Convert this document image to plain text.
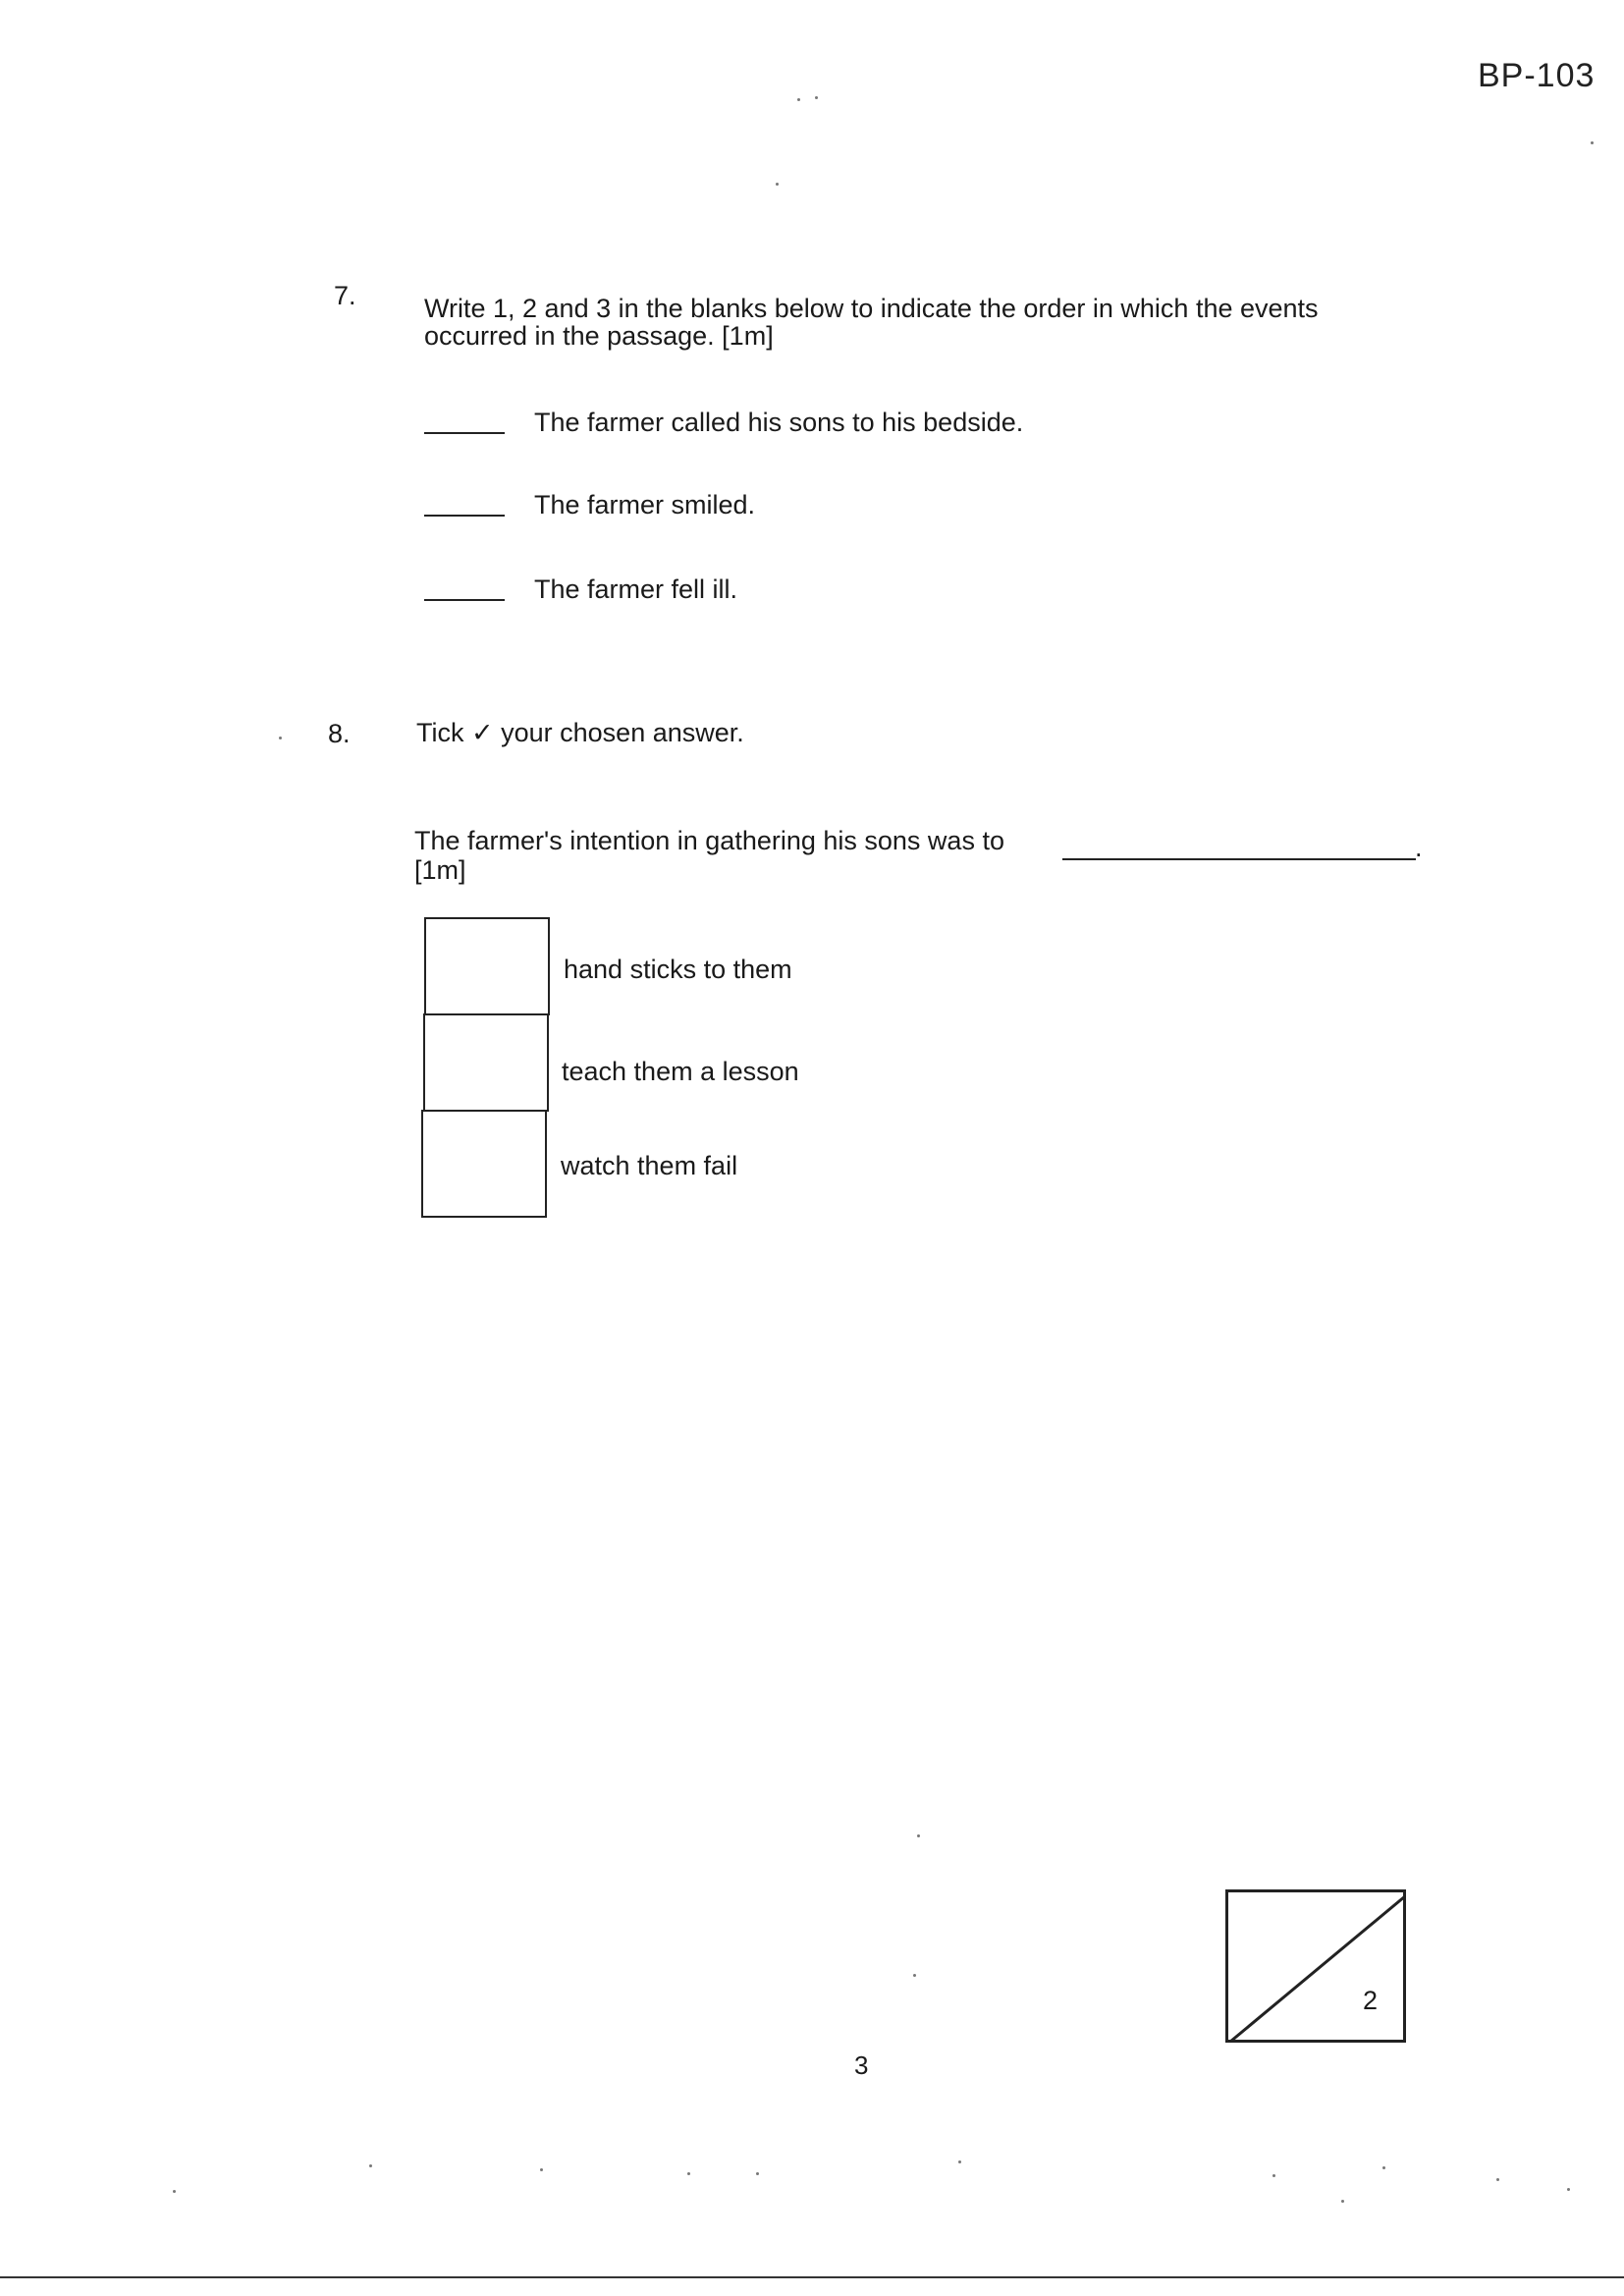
BP-103
7.	Write 1, 2 and 3 in the blanks below to indicate the order in which the events
occurred in the passage. [1m]
The farmer called his sons to his bedside.
The farmer smiled.
The farmer fell ill.
8. Tick ✓ your chosen answer.
The farmer's intention in gathering his sons was to	.
[1m]
hand sticks to them
teach them a lesson
watch them fail
2
3
